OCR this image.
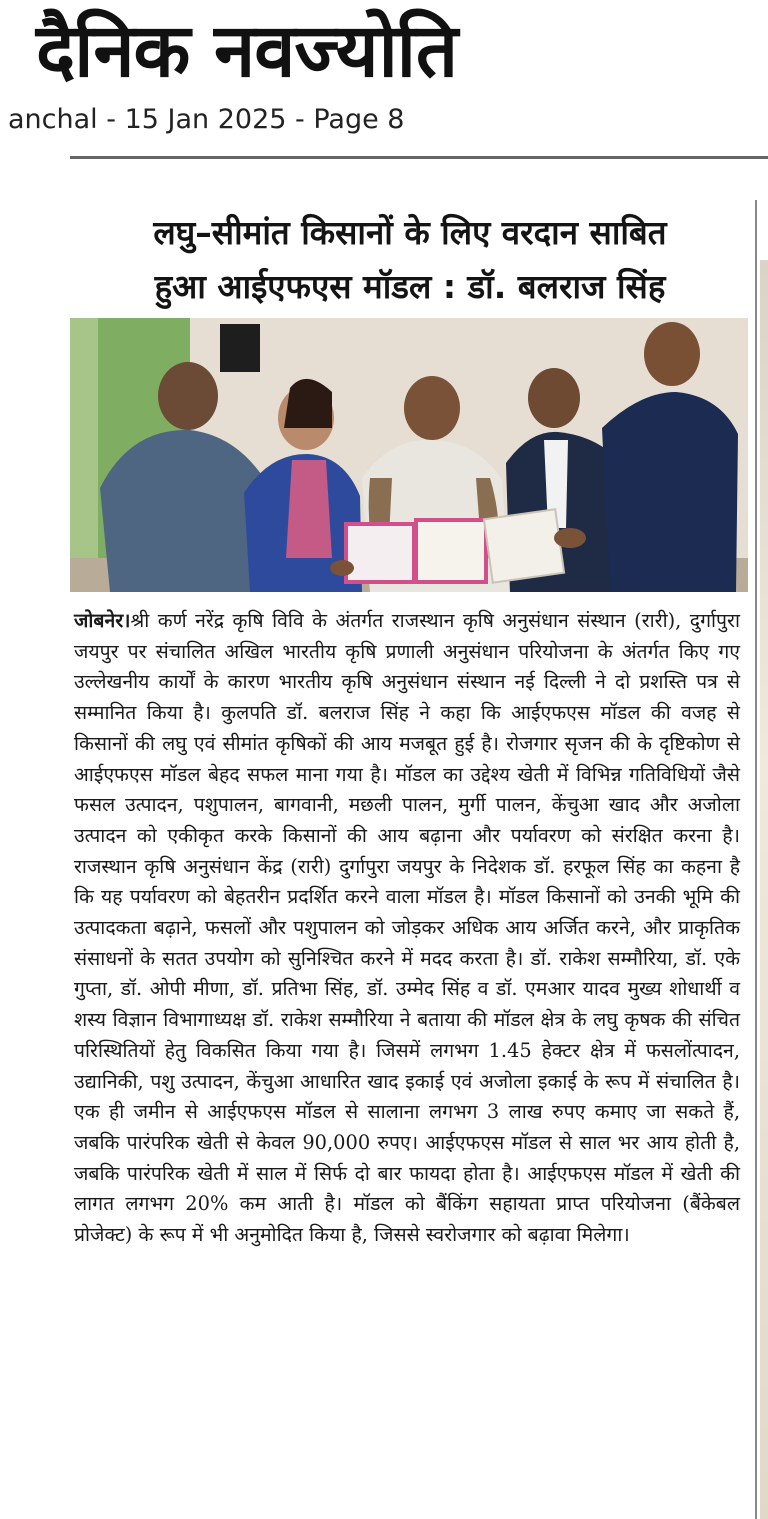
दैनिक नवज्योति
anchal - 15 Jan 2025 - Page 8
लघु–सीमांत किसानों के लिए वरदान साबित
हुआ आईएफएस मॉडल : डॉ. बलराज सिंह

जोबनेर।श्री कर्ण नरेंद्र कृषि विवि के अंतर्गत राजस्थान कृषि अनुसंधान संस्थान (रारी), दुर्गापुरा जयपुर पर संचालित अखिल भारतीय कृषि प्रणाली अनुसंधान परियोजना के अंतर्गत किए गए उल्लेखनीय कार्यों के कारण भारतीय कृषि अनुसंधान संस्थान नई दिल्ली ने दो प्रशस्ति पत्र से सम्मानित किया है। कुलपति डॉ. बलराज सिंह ने कहा कि आईएफएस मॉडल की वजह से किसानों की लघु एवं सीमांत कृषिकों की आय मजबूत हुई है। रोजगार सृजन की के दृष्टिकोण से आईएफएस मॉडल बेहद सफल माना गया है। मॉडल का उद्देश्य खेती में विभिन्न गतिविधियों जैसे फसल उत्पादन, पशुपालन, बागवानी, मछली पालन, मुर्गी पालन, केंचुआ खाद और अजोला उत्पादन को एकीकृत करके किसानों की आय बढ़ाना और पर्यावरण को संरक्षित करना है। राजस्थान कृषि अनुसंधान केंद्र (रारी) दुर्गापुरा जयपुर के निदेशक डॉ. हरफूल सिंह का कहना है कि यह पर्यावरण को बेहतरीन प्रदर्शित करने वाला मॉडल है। मॉडल किसानों को उनकी भूमि की उत्पादकता बढ़ाने, फसलों और पशुपालन को जोड़कर अधिक आय अर्जित करने, और प्राकृतिक संसाधनों के सतत उपयोग को सुनिश्चित करने में मदद करता है। डॉ. राकेश सम्मौरिया, डॉ. एके गुप्ता, डॉ. ओपी मीणा, डॉ. प्रतिभा सिंह, डॉ. उम्मेद सिंह व डॉ. एमआर यादव मुख्य शोधार्थी व शस्य विज्ञान विभागाध्यक्ष डॉ. राकेश सम्मौरिया ने बताया की मॉडल क्षेत्र के लघु कृषक की संचित परिस्थितियों हेतु विकसित किया गया है। जिसमें लगभग 1.45 हेक्टर क्षेत्र में फसलोंत्पादन, उद्यानिकी, पशु उत्पादन, केंचुआ आधारित खाद इकाई एवं अजोला इकाई के रूप में संचालित है। एक ही जमीन से आईएफएस मॉडल से सालाना लगभग 3 लाख रुपए कमाए जा सकते हैं, जबकि पारंपरिक खेती से केवल 90,000 रुपए। आईएफएस मॉडल से साल भर आय होती है, जबकि पारंपरिक खेती में साल में सिर्फ दो बार फायदा होता है। आईएफएस मॉडल में खेती की लागत लगभग 20% कम आती है। मॉडल को बैंकिंग सहायता प्राप्त परियोजना (बैंकेबल प्रोजेक्ट) के रूप में भी अनुमोदित किया है, जिससे स्वरोजगार को बढ़ावा मिलेगा।
